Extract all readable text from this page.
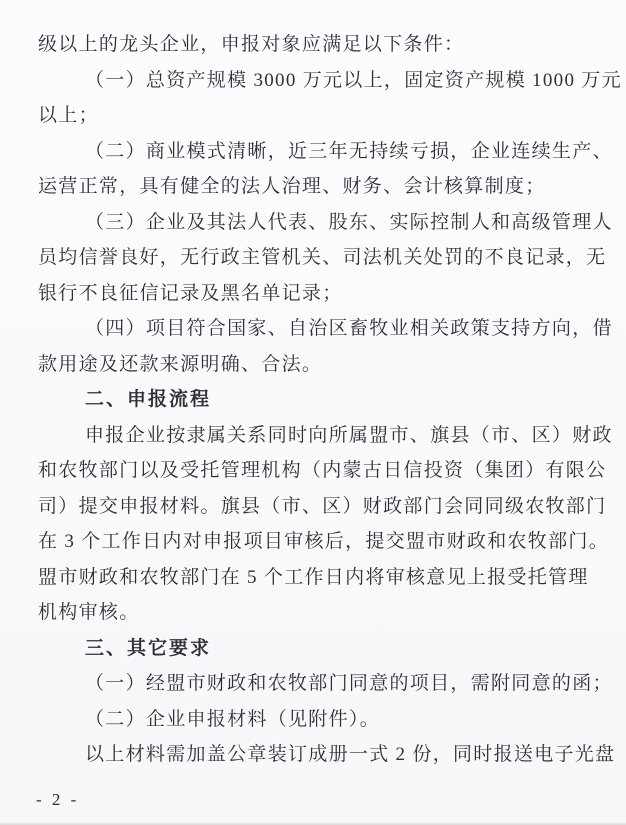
级以上的龙头企业，申报对象应满足以下条件：
（一）总资产规模 3000 万元以上，固定资产规模 1000 万元
以上；
（二）商业模式清晰，近三年无持续亏损，企业连续生产、
运营正常，具有健全的法人治理、财务、会计核算制度；
（三）企业及其法人代表、股东、实际控制人和高级管理人
员均信誉良好，无行政主管机关、司法机关处罚的不良记录，无
银行不良征信记录及黑名单记录；
（四）项目符合国家、自治区畜牧业相关政策支持方向，借
款用途及还款来源明确、合法。
二、申报流程
申报企业按隶属关系同时向所属盟市、旗县（市、区）财政
和农牧部门以及受托管理机构（内蒙古日信投资（集团）有限公
司）提交申报材料。旗县（市、区）财政部门会同同级农牧部门
在 3 个工作日内对申报项目审核后，提交盟市财政和农牧部门。
盟市财政和农牧部门在 5 个工作日内将审核意见上报受托管理
机构审核。
三、其它要求
（一）经盟市财政和农牧部门同意的项目，需附同意的函；
（二）企业申报材料（见附件）。
以上材料需加盖公章装订成册一式 2 份，同时报送电子光盘
- 2 -
